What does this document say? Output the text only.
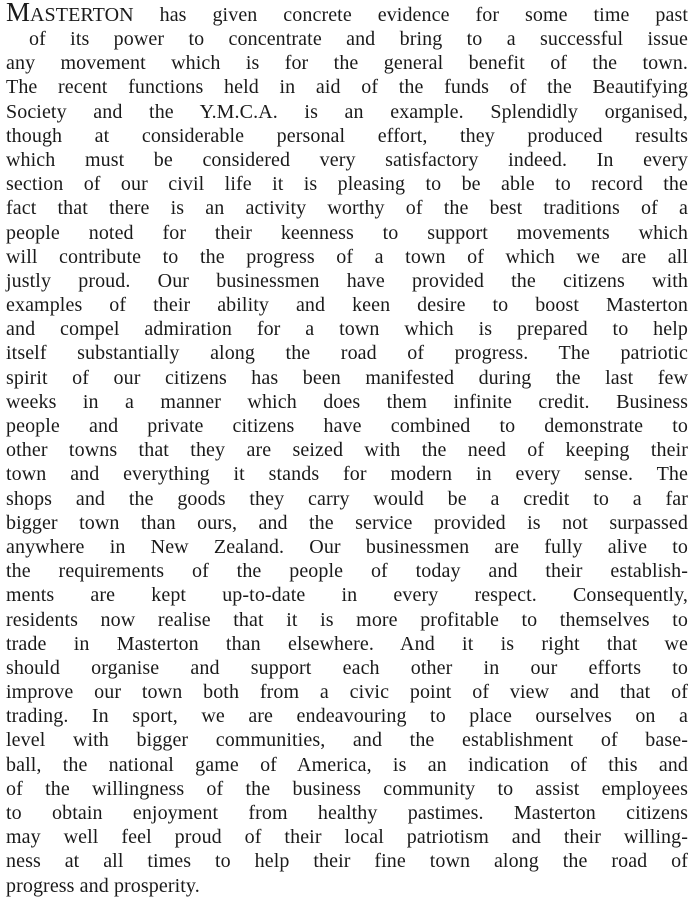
MASTERTON has given concrete evidence for some time past
of its power to concentrate and bring to a successful issue
any movement which is for the general benefit of the town.
The recent functions held in aid of the funds of the Beautifying
Society and the Y.M.C.A. is an example. Splendidly organised,
though at considerable personal effort, they produced results
which must be considered very satisfactory indeed. In every
section of our civil life it is pleasing to be able to record the
fact that there is an activity worthy of the best traditions of a
people noted for their keenness to support movements which
will contribute to the progress of a town of which we are all
justly proud. Our businessmen have provided the citizens with
examples of their ability and keen desire to boost Masterton
and compel admiration for a town which is prepared to help
itself substantially along the road of progress. The patriotic
spirit of our citizens has been manifested during the last few
weeks in a manner which does them infinite credit. Business
people and private citizens have combined to demonstrate to
other towns that they are seized with the need of keeping their
town and everything it stands for modern in every sense. The
shops and the goods they carry would be a credit to a far
bigger town than ours, and the service provided is not surpassed
anywhere in New Zealand. Our businessmen are fully alive to
the requirements of the people of today and their establish-
ments are kept up-to-date in every respect. Consequently,
residents now realise that it is more profitable to themselves to
trade in Masterton than elsewhere. And it is right that we
should organise and support each other in our efforts to
improve our town both from a civic point of view and that of
trading. In sport, we are endeavouring to place ourselves on a
level with bigger communities, and the establishment of base-
ball, the national game of America, is an indication of this and
of the willingness of the business community to assist employees
to obtain enjoyment from healthy pastimes. Masterton citizens
may well feel proud of their local patriotism and their willing-
ness at all times to help their fine town along the road of
progress and prosperity.
